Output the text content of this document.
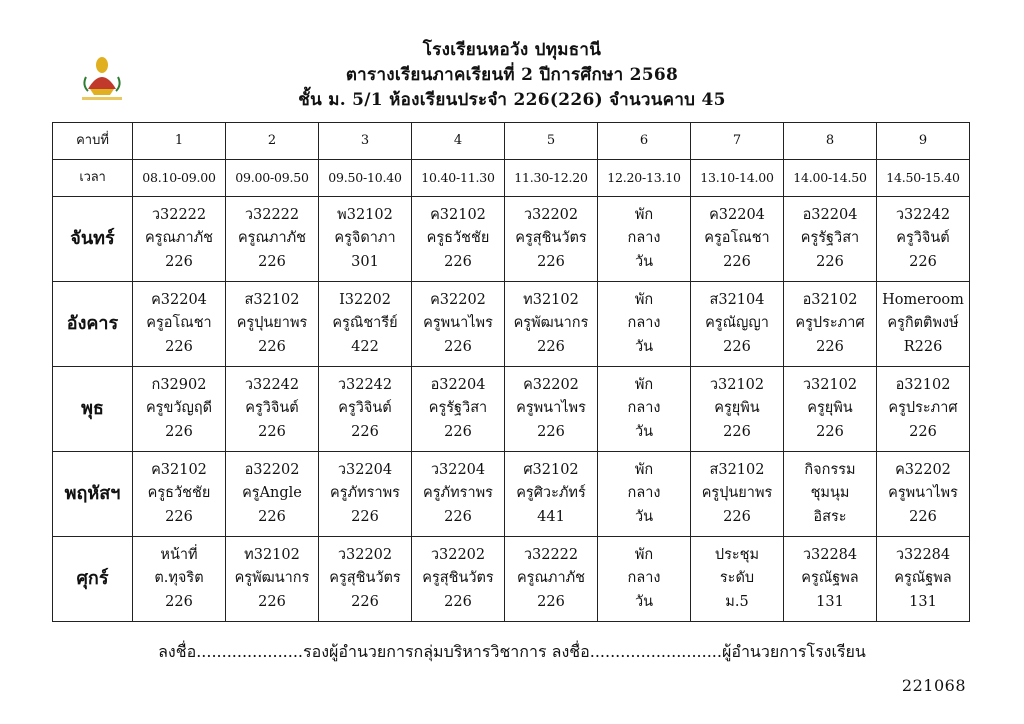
โรงเรียนหอวัง ปทุมธานี
ตารางเรียนภาคเรียนที่ 2 ปีการศึกษา 2568
ชั้น ม. 5/1 ห้องเรียนประจำ 226(226) จำนวนคาบ 45
คาบที่	1	2	3	4	5	6	7	8	9
เวลา	08.10-09.00	09.00-09.50	09.50-10.40	10.40-11.30	11.30-12.20	12.20-13.10	13.10-14.00	14.00-14.50	14.50-15.40
จันทร์	ว32222
ครูณภาภัช
226	ว32222
ครูณภาภัช
226	พ32102
ครูจิดาภา
301	ค32102
ครูธวัชชัย
226	ว32202
ครูสุชินวัตร
226	พัก
กลาง
วัน	ค32204
ครูอโณชา
226	อ32204
ครูรัฐวิสา
226	ว32242
ครูวิจินต์
226

อังคาร	ค32204
ครูอโณชา
226	ส32102
ครูปุนยาพร
226	I32202
ครูณิชารีย์
422	ค32202
ครูพนาไพร
226	ท32102
ครูพัฒนากร
226	พัก
กลาง
วัน	ส32104
ครูณัญญา
226	อ32102
ครูประภาศ
226	Homeroom
ครูกิตติพงษ์
R226

พุธ	ก32902
ครูขวัญฤดี
226	ว32242
ครูวิจินต์
226	ว32242
ครูวิจินต์
226	อ32204
ครูรัฐวิสา
226	ค32202
ครูพนาไพร
226	พัก
กลาง
วัน	ว32102
ครูยุพิน
226	ว32102
ครูยุพิน
226	อ32102
ครูประภาศ
226

พฤหัสฯ	ค32102
ครูธวัชชัย
226	อ32202
ครูAngle
226	ว32204
ครูภัทราพร
226	ว32204
ครูภัทราพร
226	ศ32102
ครูศิวะภัทร์
441	พัก
กลาง
วัน	ส32102
ครูปุนยาพร
226	กิจกรรม
ชุมนุม
อิสระ	ค32202
ครูพนาไพร
226

ศุกร์	หน้าที่
ต.ทุจริต
226	ท32102
ครูพัฒนากร
226	ว32202
ครูสุชินวัตร
226	ว32202
ครูสุชินวัตร
226	ว32222
ครูณภาภัช
226	พัก
กลาง
วัน	ประชุม
ระดับ
ม.5	ว32284
ครูณัฐพล
131	ว32284
ครูณัฐพล
131
ลงชื่อ.....................รองผู้อำนวยการกลุ่มบริหารวิชาการ ลงชื่อ..........................ผู้อำนวยการโรงเรียน
221068
